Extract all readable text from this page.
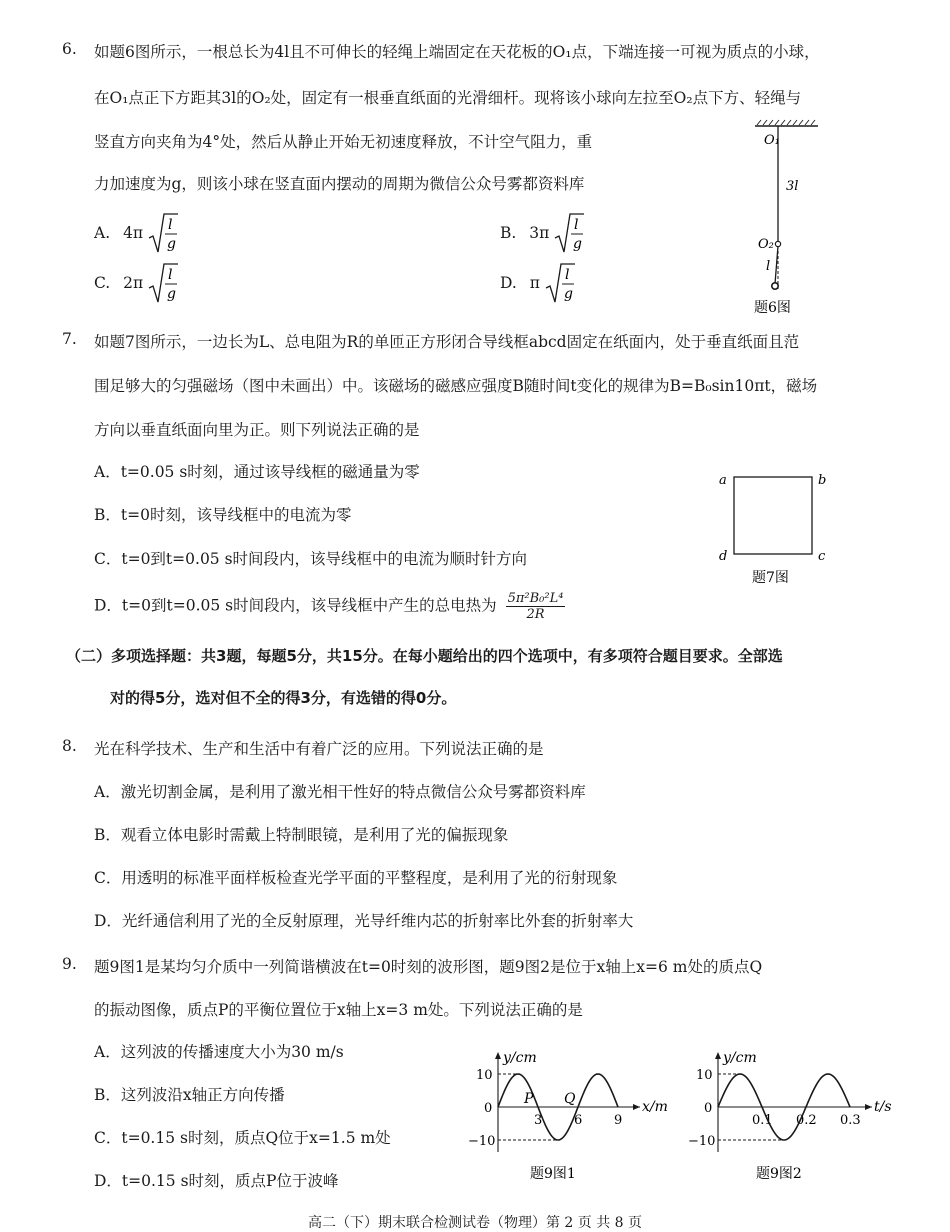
6. 如题6图所示，一根总长为4l且不可伸长的轻绳上端固定在天花板的O₁点，下端连接一可视为质点的小球，
在O₁点正下方距其3l的O₂处，固定有一根垂直纸面的光滑细杆。现将该小球向左拉至O₂点下方、轻绳与
竖直方向夹角为4°处，然后从静止开始无初速度释放，不计空气阻力，重
力加速度为g，则该小球在竖直面内摆动的周期为微信公众号雾都资料库
A. 4π l
g
B. 3π l
g
C. 2π l
g
D. π l
g
O₁
3l
O₂
l
题6图
7. 如题7图所示，一边长为L、总电阻为R的单匝正方形闭合导线框abcd固定在纸面内，处于垂直纸面且范
围足够大的匀强磁场（图中未画出）中。该磁场的磁感应强度B随时间t变化的规律为B=B₀sin10πt，磁场
方向以垂直纸面向里为正。则下列说法正确的是
A．t=0.05 s时刻，通过该导线框的磁通量为零
B．t=0时刻，该导线框中的电流为零
C．t=0到t=0.05 s时间段内，该导线框中的电流为顺时针方向
D．t=0到t=0.05 s时间段内，该导线框中产生的总电热为 $\frac{\text{5π²B₀²L⁴}}{2R}$
a	b
c
d
题7图
（二）多项选择题：共3题，每题5分，共15分。在每小题给出的四个选项中，有多项符合题目要求。全部选
对的得5分，选对但不全的得3分，有选错的得0分。
8. 光在科学技术、生产和生活中有着广泛的应用。下列说法正确的是
A．激光切割金属，是利用了激光相干性好的特点微信公众号雾都资料库
B．观看立体电影时需戴上特制眼镜，是利用了光的偏振现象
C．用透明的标准平面样板检查光学平面的平整程度，是利用了光的衍射现象
D．光纤通信利用了光的全反射原理，光导纤维内芯的折射率比外套的折射率大
9. 题9图1是某均匀介质中一列简谐横波在t=0时刻的波形图，题9图2是位于x轴上x=6 m处的质点Q
的振动图像，质点P的平衡位置位于x轴上x=3 m处。下列说法正确的是
A．这列波的传播速度大小为30 m/s
B．这列波沿x轴正方向传播
C．t=0.15 s时刻，质点Q位于x=1.5 m处
D．t=0.15 s时刻，质点P位于波峰
y/cm
x/m
10
0
−10
3 6 9
P Q
题9图1
y/cm
t/s
10
0
−10
0.1 0.2 0.3
题9图2
高二（下）期末联合检测试卷（物理）第 2 页 共 8 页
